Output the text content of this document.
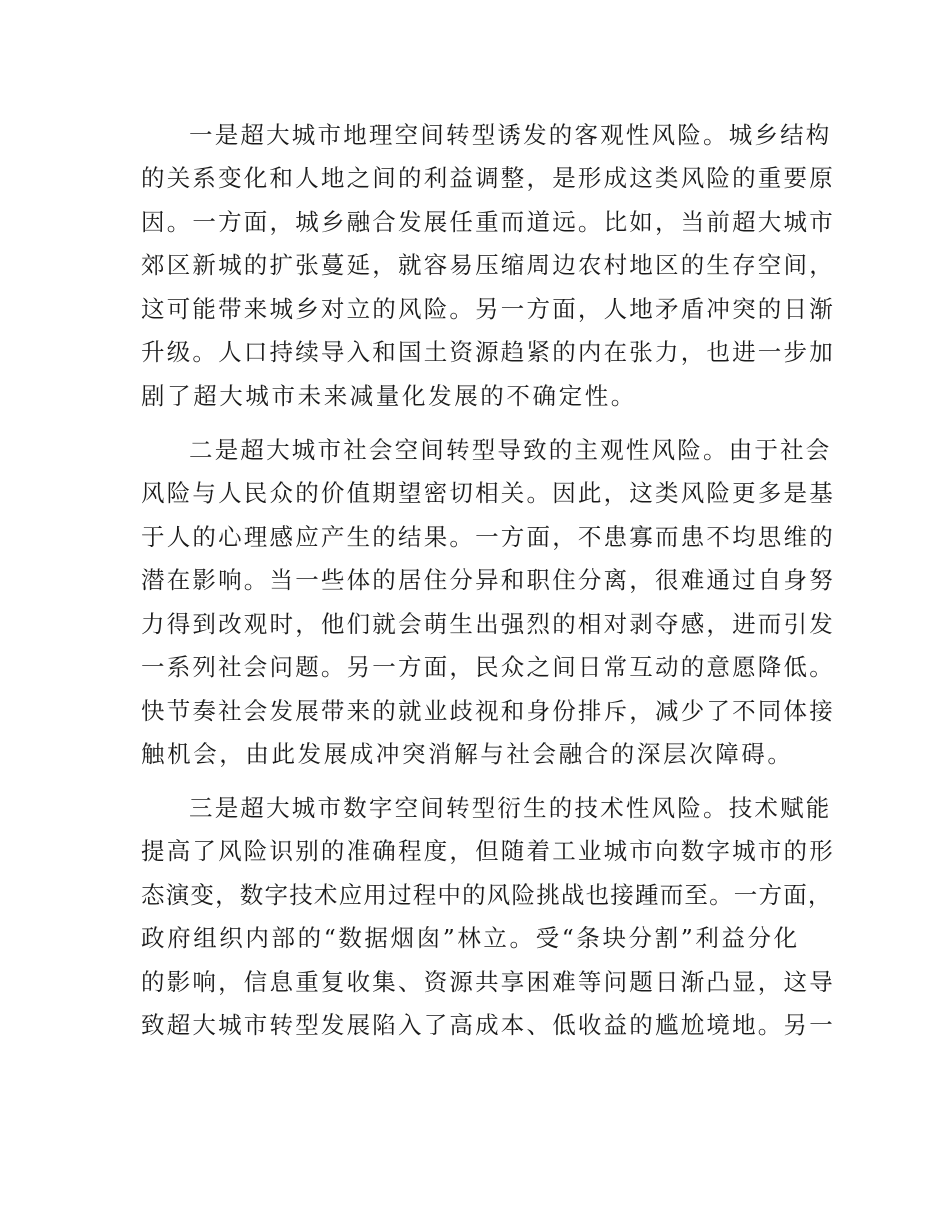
一是超大城市地理空间转型诱发的客观性风险。城乡结构
的关系变化和人地之间的利益调整，是形成这类风险的重要原
因。一方面，城乡融合发展任重而道远。比如，当前超大城市
郊区新城的扩张蔓延，就容易压缩周边农村地区的生存空间，
这可能带来城乡对立的风险。另一方面，人地矛盾冲突的日渐
升级。人口持续导入和国土资源趋紧的内在张力，也进一步加
剧了超大城市未来减量化发展的不确定性。
二是超大城市社会空间转型导致的主观性风险。由于社会
风险与人民众的价值期望密切相关。因此，这类风险更多是基
于人的心理感应产生的结果。一方面，不患寡而患不均思维的
潜在影响。当一些体的居住分异和职住分离，很难通过自身努
力得到改观时，他们就会萌生出强烈的相对剥夺感，进而引发
一系列社会问题。另一方面，民众之间日常互动的意愿降低。
快节奏社会发展带来的就业歧视和身份排斥，减少了不同体接
触机会，由此发展成冲突消解与社会融合的深层次障碍。
三是超大城市数字空间转型衍生的技术性风险。技术赋能
提高了风险识别的准确程度，但随着工业城市向数字城市的形
态演变，数字技术应用过程中的风险挑战也接踵而至。一方面，
政府组织内部的“数据烟囱”林立。受“条块分割”利益分化
的影响，信息重复收集、资源共享困难等问题日渐凸显，这导
致超大城市转型发展陷入了高成本、低收益的尴尬境地。另一
